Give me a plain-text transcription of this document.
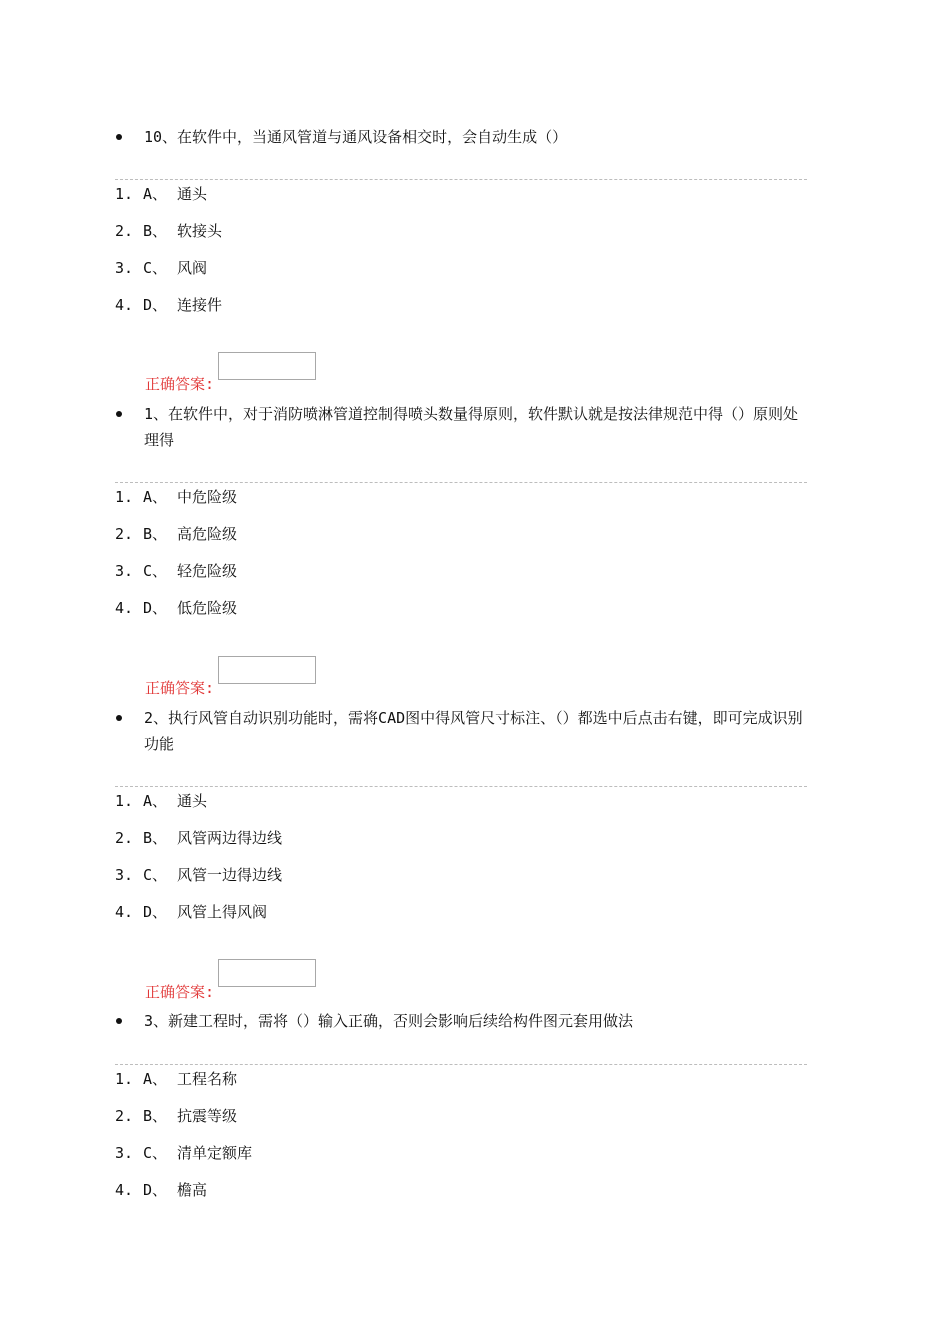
10、在软件中，当通风管道与通风设备相交时，会自动生成（）
1. A、 通头
2. B、 软接头
3. C、 风阀
4. D、 连接件
正确答案:
1、在软件中，对于消防喷淋管道控制得喷头数量得原则，软件默认就是按法律规范中得（）原则处理得
1. A、 中危险级
2. B、 高危险级
3. C、 轻危险级
4. D、 低危险级
正确答案:
2、执行风管自动识别功能时，需将CAD图中得风管尺寸标注、（）都选中后点击右键，即可完成识别功能
1. A、 通头
2. B、 风管两边得边线
3. C、 风管一边得边线
4. D、 风管上得风阀
正确答案:
3、新建工程时，需将（）输入正确，否则会影响后续给构件图元套用做法
1. A、 工程名称
2. B、 抗震等级
3. C、 清单定额库
4. D、 檐高
